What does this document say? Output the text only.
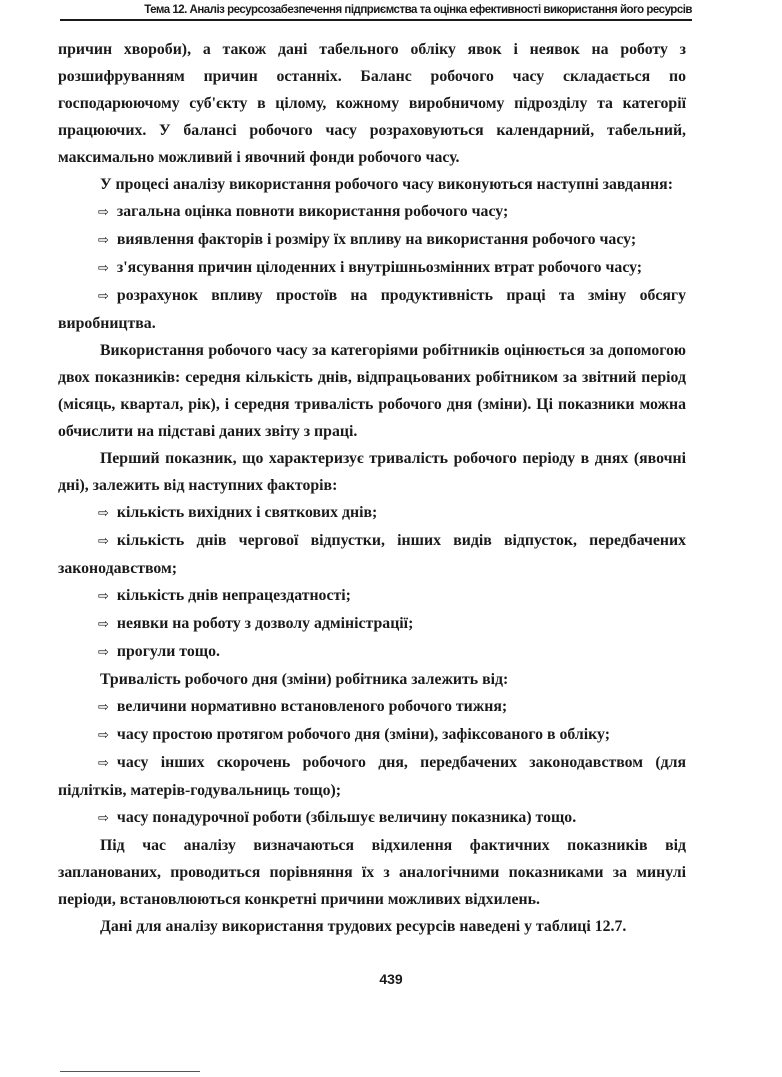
Тема 12. Аналіз ресурсозабезпечення підприємства та оцінка ефективності використання його ресурсів

причин хвороби), а також дані табельного обліку явок і неявок на роботу з розшифруванням причин останніх. Баланс робочого часу складається по господарюючому суб'єкту в цілому, кожному виробничому підрозділу та категорії працюючих. У балансі робочого часу розраховуються календарний, табельний, максимально можливий і явочний фонди робочого часу.

У процесі аналізу використання робочого часу виконуються наступні завдання:

⇨ загальна оцінка повноти використання робочого часу;

⇨ виявлення факторів і розміру їх впливу на використання робочого часу;

⇨ з'ясування причин цілоденних і внутрішньозмінних втрат робочого часу;

⇨ розрахунок впливу простоїв на продуктивність праці та зміну обсягу виробництва.

Використання робочого часу за категоріями робітників оцінюється за допомогою двох показників: середня кількість днів, відпрацьованих робітником за звітний період (місяць, квартал, рік), і середня тривалість робочого дня (зміни). Ці показники можна обчислити на підставі даних звіту з праці.

Перший показник, що характеризує тривалість робочого періоду в днях (явочні дні), залежить від наступних факторів:

⇨ кількість вихідних і святкових днів;

⇨ кількість днів чергової відпустки, інших видів відпусток, передбачених законодавством;

⇨ кількість днів непрацездатності;

⇨ неявки на роботу з дозволу адміністрації;

⇨ прогули тощо.

Тривалість робочого дня (зміни) робітника залежить від:

⇨ величини нормативно встановленого робочого тижня;

⇨ часу простою протягом робочого дня (зміни), зафіксованого в обліку;

⇨ часу інших скорочень робочого дня, передбачених законодавством (для підлітків, матерів-годувальниць тощо);

⇨ часу понадурочної роботи (збільшує величину показника) тощо.

Під час аналізу визначаються відхилення фактичних показників від запланованих, проводиться порівняння їх з аналогічними показниками за минулі періоди, встановлюються конкретні причини можливих відхилень.

Дані для аналізу використання трудових ресурсів наведені у таблиці 12.7.

439
